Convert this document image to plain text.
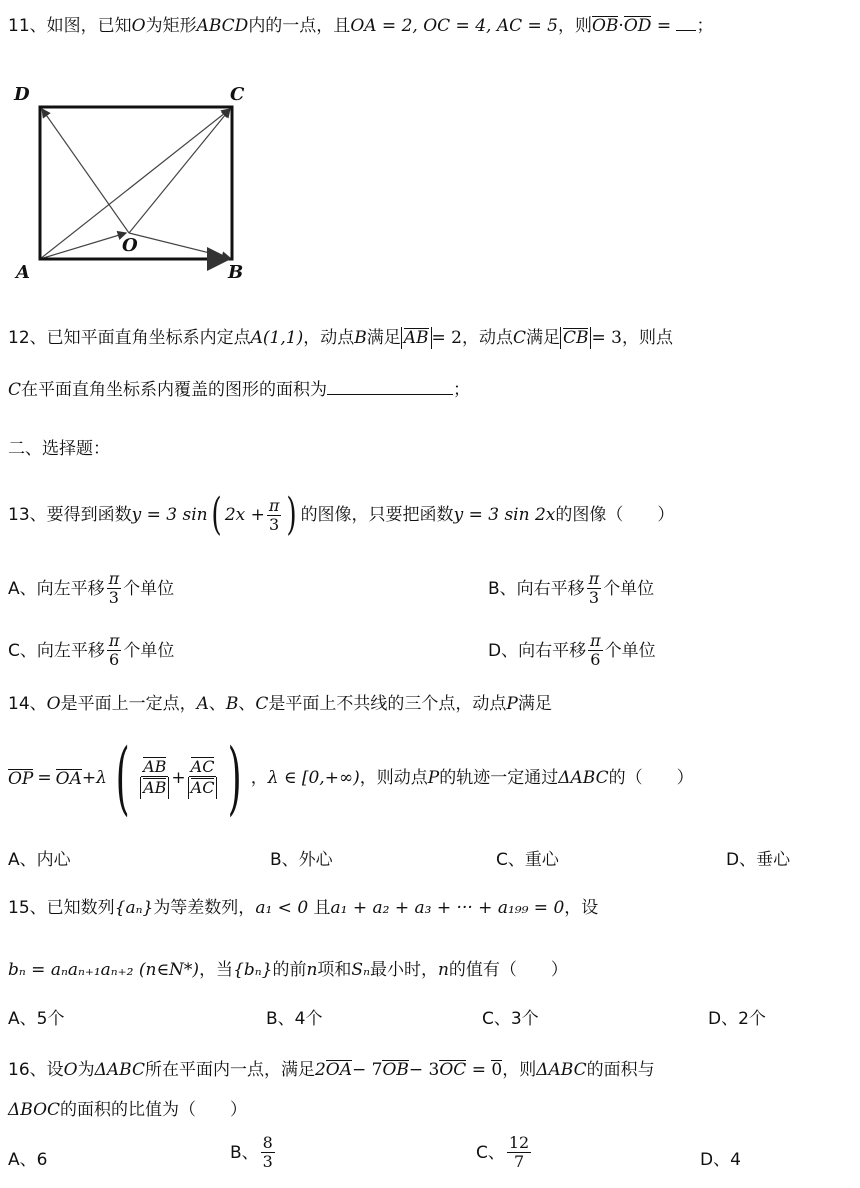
11、如图，已知O为矩形ABCD内的一点，且OA = 2, OC = 4, AC = 5，则OB·OD = ；
D	C
O
A	B
12、已知平面直角坐标系内定点A(1,1)，动点B满足 AB = 2，动点C满足 CB = 3，则点
C在平面直角坐标系内覆盖的图形的面积为	；
二、选择题：
13、要得到函数 y = 3 sin ( $2x + \frac{\pi}{3}$ ) 的图像，只要把函数 y = 3 sin 2x 的图像（　　）
A、向左平移 $\frac{\pi}{3}$ 个单位	B、向右平移 $\frac{\pi}{3}$ 个单位
C、向左平移 $\frac{\pi}{6}$ 个单位	D、向右平移 $\frac{\pi}{6}$ 个单位
14、O是平面上一定点，A、B、C是平面上不共线的三个点，动点P满足
OP = OA +λ ( $\frac{AB}{AB} + \frac{AC}{AC}$ ) ， λ ∈ [0,+∞) ，则动点 P 的轨迹一定通过 ΔABC 的（　　）
A、内心	B、外心	C、重心	D、垂心
15、已知数列{aₙ}为等差数列，a₁ < 0 且a₁ + a₂ + a₃ + ··· + a₁₉₉ = 0，设
bₙ = aₙaₙ₊₁aₙ₊₂ (n∈N*)，当{bₙ}的前n项和Sₙ最小时，n的值有（　　）
A、5个	B、4个	C、3个	D、2个
16、设O为ΔABC所在平面内一点，满足2OA− 7OB− 3OC = 0，则ΔABC的面积与
ΔBOC的面积的比值为（　　）
A、6	B、 $\frac{8}{3}$	C、 $\frac{12}{7}$	D、4
